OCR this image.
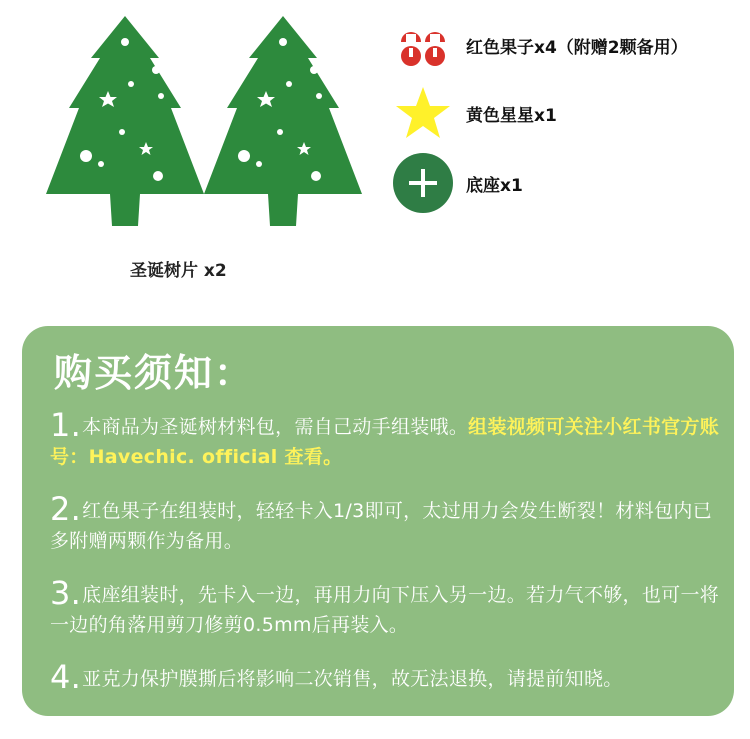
圣诞树片 x2
红色果子x4（附赠2颗备用）
黄色星星x1
底座x1
购买须知：
1.本商品为圣诞树材料包，需自己动手组装哦。组装视频可关注小红书官方账号：Havechic. official 查看。
2.红色果子在组装时，轻轻卡入1/3即可，太过用力会发生断裂！材料包内已多附赠两颗作为备用。
3.底座组装时，先卡入一边，再用力向下压入另一边。若力气不够，也可一将一边的角落用剪刀修剪0.5mm后再装入。
4.亚克力保护膜撕后将影响二次销售，故无法退换，请提前知晓。
